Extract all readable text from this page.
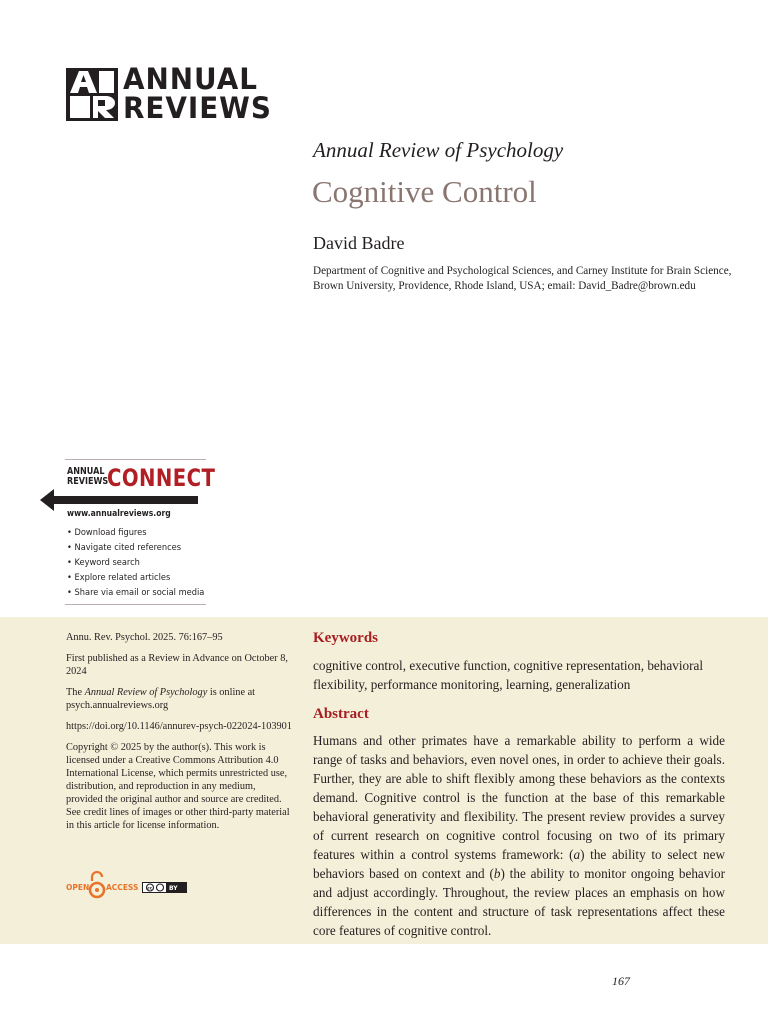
ANNUAL
REVIEWS
Annual Review of Psychology
Cognitive Control
David Badre
Department of Cognitive and Psychological Sciences, and Carney Institute for Brain Science, Brown University, Providence, Rhode Island, USA; email: David_Badre@brown.edu
ANNUAL
REVIEWS
CONNECT
www.annualreviews.org
• Download figures
• Navigate cited references
• Keyword search
• Explore related articles
• Share via email or social media

Annu. Rev. Psychol. 2025. 76:167–95

First published as a Review in Advance on October 8, 2024

The Annual Review of Psychology is online at psych.annualreviews.org

https://doi.org/10.1146/annurev-psych-022024-103901

Copyright © 2025 by the author(s). This work is licensed under a Creative Commons Attribution 4.0 International License, which permits unrestricted use, distribution, and reproduction in any medium, provided the original author and source are credited. See credit lines of images or other third-party material in this article for license information.

OPEN ACCESS cc	BY
Keywords
cognitive control, executive function, cognitive representation, behavioral flexibility, performance monitoring, learning, generalization
Abstract
Humans and other primates have a remarkable ability to perform a wide range of tasks and behaviors, even novel ones, in order to achieve their goals. Further, they are able to shift flexibly among these behaviors as the contexts demand. Cognitive control is the function at the base of this remarkable behavioral generativity and flexibility. The present review provides a survey of current research on cognitive control focusing on two of its primary features within a control systems framework: (a) the ability to select new behaviors based on context and (b) the ability to monitor ongoing behavior and adjust accordingly. Throughout, the review places an emphasis on how differences in the content and structure of task representations affect these core features of cognitive control.
167
